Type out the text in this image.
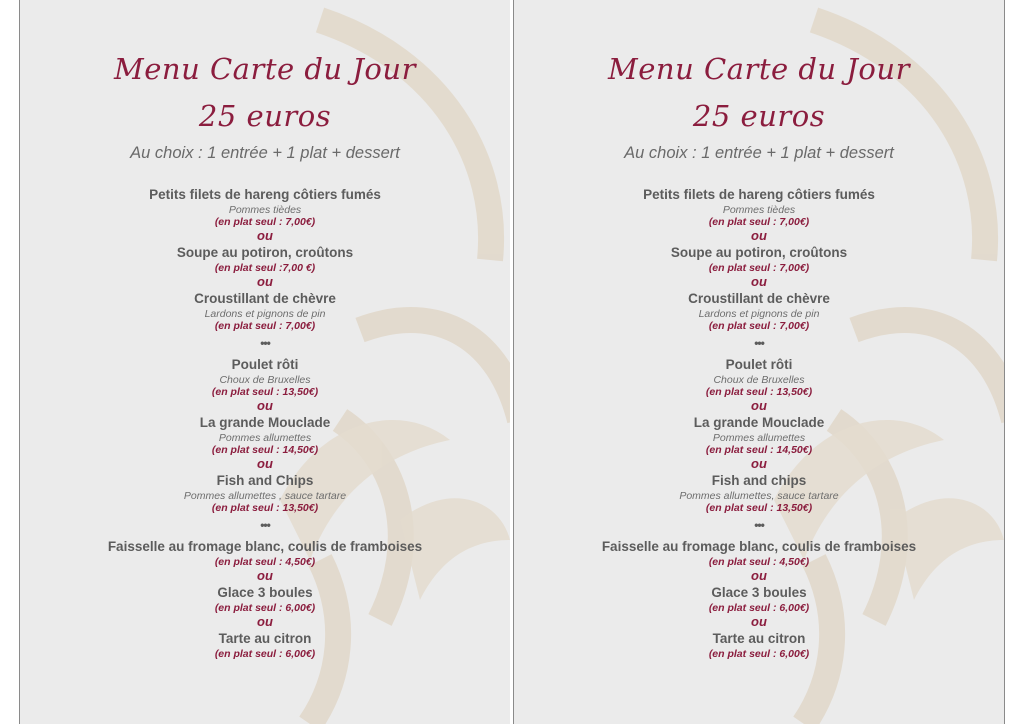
Menu Carte du Jour
25 euros
Au choix : 1 entrée + 1 plat + dessert
Petits filets de hareng côtiers fumés
Pommes tièdes
(en plat seul : 7,00€)
ou
Soupe au potiron, croûtons
(en plat seul :7,00 €)
ou
Croustillant de chèvre
Lardons et pignons de pin
(en plat seul : 7,00€)
•••
Poulet rôti
Choux de Bruxelles
(en plat seul : 13,50€)
ou
La grande Mouclade
Pommes allumettes
(en plat seul : 14,50€)
ou
Fish and Chips
Pommes allumettes , sauce tartare
(en plat seul : 13,50€)
•••
Faisselle au fromage blanc, coulis de framboises
(en plat seul : 4,50€)
ou
Glace 3 boules
(en plat seul : 6,00€)
ou
Tarte au citron
(en plat seul : 6,00€)
Menu Carte du Jour
25 euros
Au choix : 1 entrée + 1 plat + dessert
Petits filets de hareng côtiers fumés
Pommes tièdes
(en plat seul : 7,00€)
ou
Soupe au potiron, croûtons
(en plat seul : 7,00€)
ou
Croustillant de chèvre
Lardons et pignons de pin
(en plat seul : 7,00€)
•••
Poulet rôti
Choux de Bruxelles
(en plat seul : 13,50€)
ou
La grande Mouclade
Pommes allumettes
(en plat seul : 14,50€)
ou
Fish and chips
Pommes allumettes, sauce tartare
(en plat seul : 13,50€)
•••
Faisselle au fromage blanc, coulis de framboises
(en plat seul : 4,50€)
ou
Glace 3 boules
(en plat seul : 6,00€)
ou
Tarte au citron
(en plat seul : 6,00€)
